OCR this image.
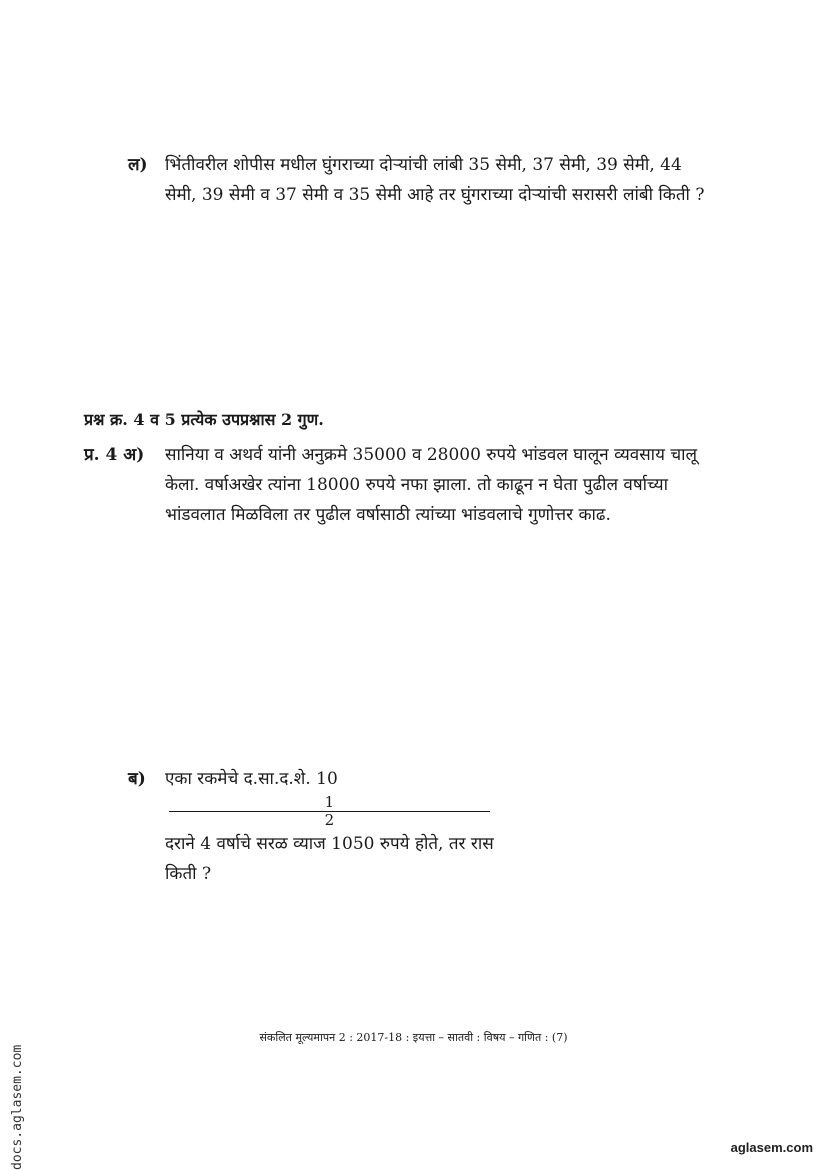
ल) भिंतीवरील शोपीस मधील घुंगराच्या दोऱ्यांची लांबी 35 सेमी, 37 सेमी, 39 सेमी, 44
सेमी, 39 सेमी व 37 सेमी व 35 सेमी आहे तर घुंगराच्या दोऱ्यांची सरासरी लांबी किती ?
प्रश्न क्र. 4 व 5 प्रत्येक उपप्रश्नास 2 गुण.
प्र. 4 अ) सानिया व अथर्व यांनी अनुक्रमे 35000 व 28000 रुपये भांडवल घालून व्यवसाय चालू
केला. वर्षाअखेर त्यांना 18000 रुपये नफा झाला. तो काढून न घेता पुढील वर्षाच्या
भांडवलात मिळविला तर पुढील वर्षासाठी त्यांच्या भांडवलाचे गुणोत्तर काढ.
ब) एका रकमेचे द.सा.द.शे. 10
1
2
दराने 4 वर्षाचे सरळ व्याज 1050 रुपये होते, तर रास
किती ?
संकलित मूल्यमापन 2 : 2017-18 : इयत्ता – सातवी : विषय – गणित : (7)
docs.aglasem.com	aglasem.com
